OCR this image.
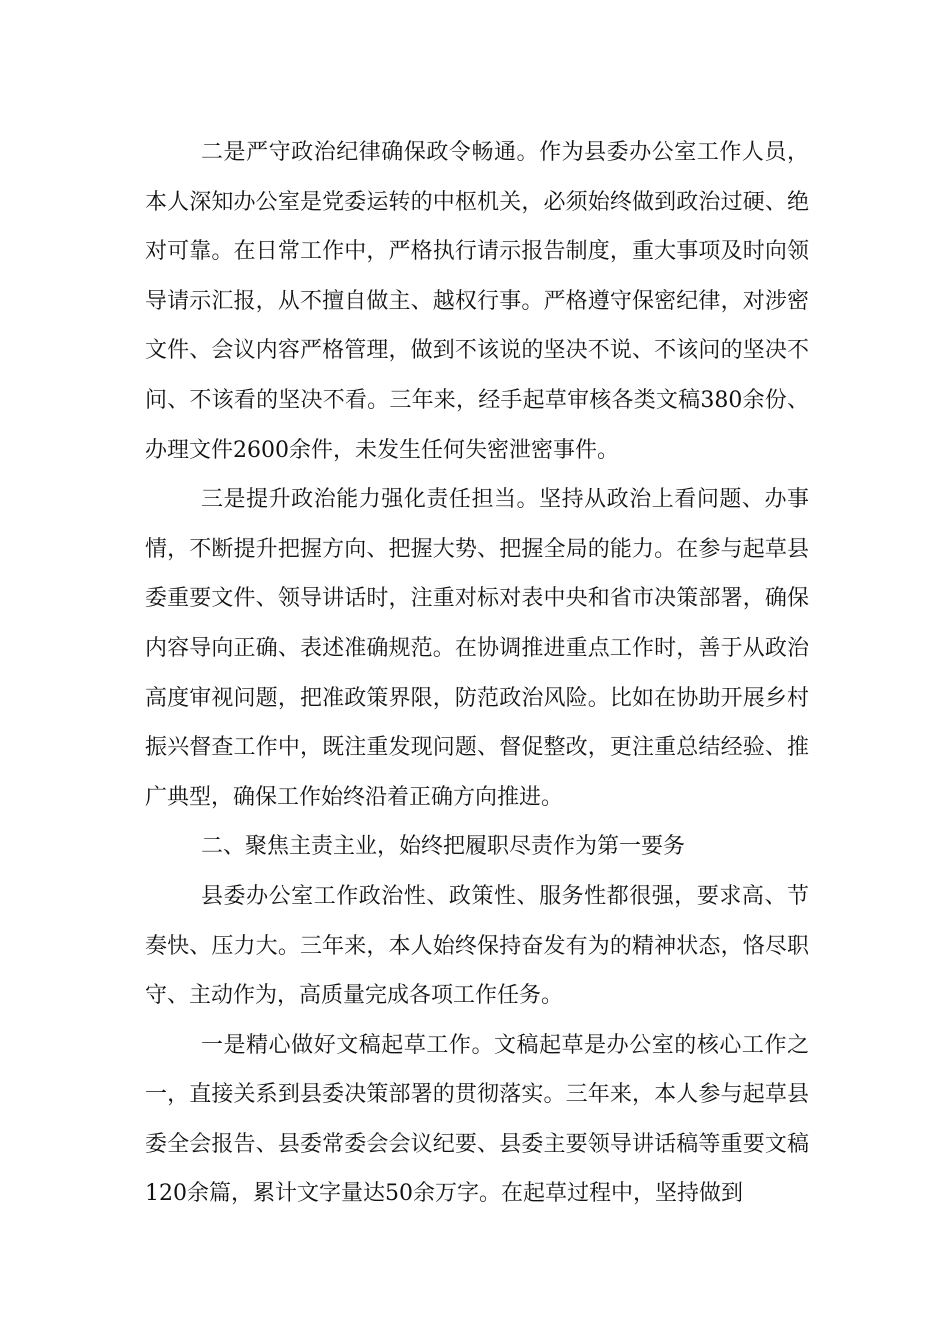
二是严守政治纪律确保政令畅通。作为县委办公室工作人员，本人深知办公室是党委运转的中枢机关，必须始终做到政治过硬、绝对可靠。在日常工作中，严格执行请示报告制度，重大事项及时向领导请示汇报，从不擅自做主、越权行事。严格遵守保密纪律，对涉密文件、会议内容严格管理，做到不该说的坚决不说、不该问的坚决不问、不该看的坚决不看。三年来，经手起草审核各类文稿380余份、办理文件2600余件，未发生任何失密泄密事件。

三是提升政治能力强化责任担当。坚持从政治上看问题、办事情，不断提升把握方向、把握大势、把握全局的能力。在参与起草县委重要文件、领导讲话时，注重对标对表中央和省市决策部署，确保内容导向正确、表述准确规范。在协调推进重点工作时，善于从政治高度审视问题，把准政策界限，防范政治风险。比如在协助开展乡村振兴督查工作中，既注重发现问题、督促整改，更注重总结经验、推广典型，确保工作始终沿着正确方向推进。

二、聚焦主责主业，始终把履职尽责作为第一要务

县委办公室工作政治性、政策性、服务性都很强，要求高、节奏快、压力大。三年来，本人始终保持奋发有为的精神状态，恪尽职守、主动作为，高质量完成各项工作任务。

一是精心做好文稿起草工作。文稿起草是办公室的核心工作之一，直接关系到县委决策部署的贯彻落实。三年来，本人参与起草县委全会报告、县委常委会会议纪要、县委主要领导讲话稿等重要文稿120余篇，累计文字量达50余万字。在起草过程中，坚持做到
